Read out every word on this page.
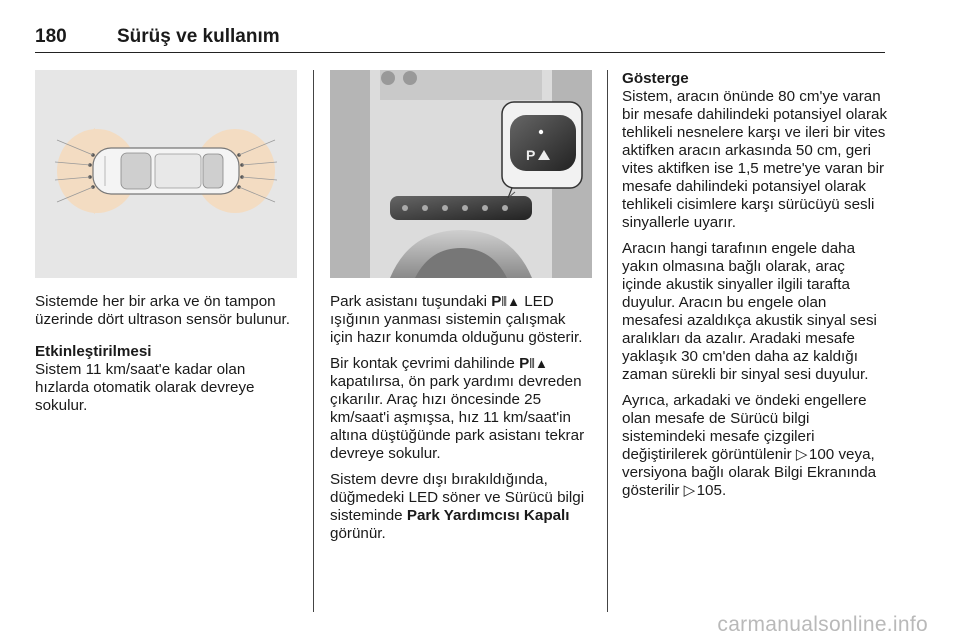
180	Sürüş ve kullanım

Sistemde her bir arka ve ön tampon üzerinde dört ultrason sensör bulunur.

Etkinleştirilmesi

Sistem 11 km/saat'e kadar olan hızlarda otomatik olarak devreye sokulur.

P

Park asistanı tuşundaki P⦀▲ LED ışığının yanması sistemin çalışmak için hazır konumda olduğunu gösterir.

Bir kontak çevrimi dahilinde P⦀▲ kapatılırsa, ön park yardımı devreden çıkarılır. Araç hızı öncesinde 25 km/saat'i aşmışsa, hız 11 km/saat'in altına düştüğünde park asistanı tekrar devreye sokulur.

Sistem devre dışı bırakıldığında, düğmedeki LED söner ve Sürücü bilgi sisteminde Park Yardımcısı Kapalı görünür.

Gösterge

Sistem, aracın önünde 80 cm'ye varan bir mesafe dahilindeki potansiyel olarak tehlikeli nesnelere karşı ve ileri bir vites aktifken aracın arkasında 50 cm, geri vites aktifken ise 1,5 metre'ye varan bir mesafe dahilindeki potansiyel olarak tehlikeli cisimlere karşı sürücüyü sesli sinyallerle uyarır.

Aracın hangi tarafının engele daha yakın olmasına bağlı olarak, araç içinde akustik sinyaller ilgili tarafta duyulur. Aracın bu engele olan mesafesi azaldıkça akustik sinyal sesi aralıkları da azalır. Aradaki mesafe yaklaşık 30 cm'den daha az kaldığı zaman sürekli bir sinyal sesi duyulur.

Ayrıca, arkadaki ve öndeki engellere olan mesafe de Sürücü bilgi sistemindeki mesafe çizgileri değiştirilerek görüntülenir ▷ 100 veya, versiyona bağlı olarak Bilgi Ekranında gösterilir ▷ 105.

carmanualsonline.info
